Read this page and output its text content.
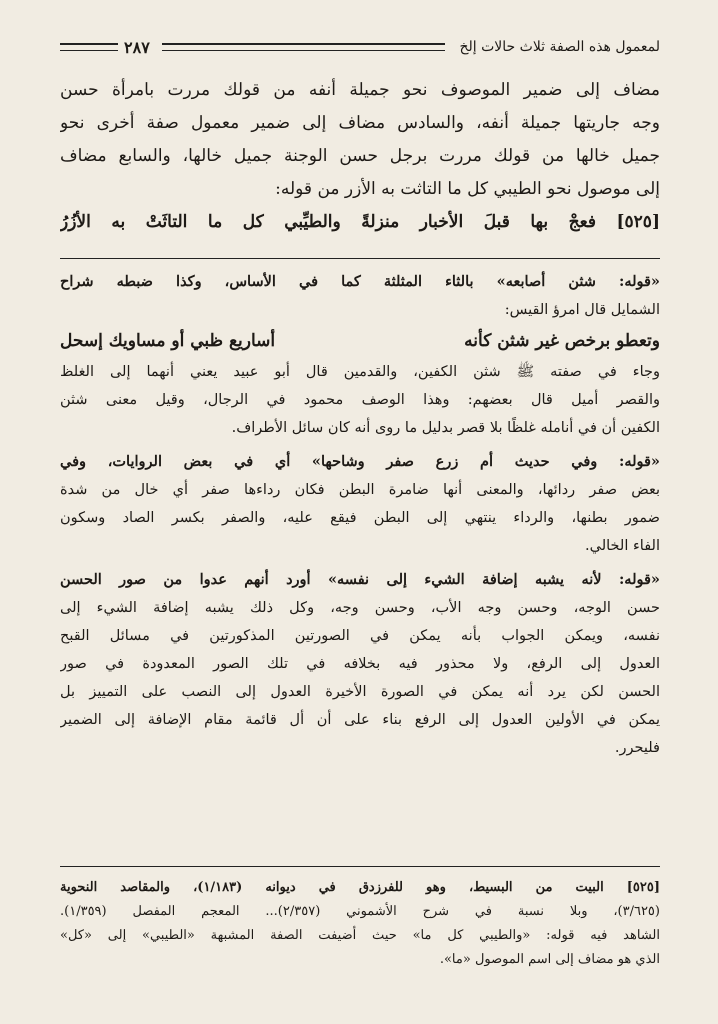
لمعمول هذه الصفة ثلاث حالات إلخ
٢٨٧
مضاف إلى ضمير الموصوف نحو جميلة أنفه من قولك مررت بامرأة حسن
وجه جاريتها جميلة أنفه، والسادس مضاف إلى ضمير معمول صفة أخرى نحو
جميل خالها من قولك مررت برجل حسن الوجنة جميل خالها، والسابع مضاف
إلى موصول نحو الطيبي كل ما التاثت به الأزر من قوله:
[٥٢٥] فعجْ بها قبلَ الأخبار منزلةً والطيِّبي كل ما التاثَتْ به الأزُرُ
«قوله: شثن أصابعه» بالثاء المثلثة كما في الأساس، وكذا ضبطه شراح
الشمايل قال امرؤ القيس:
وتعطو برخص غير شثن كأنه
أساريع ظبي أو مساويك إسحل
وجاء في صفته ﷺ شثن الكفين، والقدمين قال أبو عبيد يعني أنهما إلى الغلظ
والقصر أميل قال بعضهم: وهذا الوصف محمود في الرجال، وقيل معنى شثن
الكفين أن في أنامله غلظًا بلا قصر بدليل ما روى أنه كان سائل الأطراف.
«قوله: وفي حديث أم زرع صفر وشاحها» أي في بعض الروايات، وفي
بعض صفر ردائها، والمعنى أنها ضامرة البطن فكان رداءها صفر أي خال من شدة
ضمور بطنها، والرداء ينتهي إلى البطن فيقع عليه، والصفر بكسر الصاد وسكون
الفاء الخالي.
«قوله: لأنه يشبه إضافة الشيء إلى نفسه» أورد أنهم عدوا من صور الحسن
حسن الوجه، وحسن وجه الأب، وحسن وجه، وكل ذلك يشبه إضافة الشيء إلى
نفسه، ويمكن الجواب بأنه يمكن في الصورتين المذكورتين في مسائل القبح
العدول إلى الرفع، ولا محذور فيه بخلافه في تلك الصور المعدودة في صور
الحسن لكن يرد أنه يمكن في الصورة الأخيرة العدول إلى النصب على التمييز بل
يمكن في الأولين العدول إلى الرفع بناء على أن أل قائمة مقام الإضافة إلى الضمير
فليحرر.
[٥٢٥] البيت من البسيط، وهو للفرزدق في ديوانه (١/١٨٣)، والمقاصد النحوية
(٣/٦٢٥)، وبلا نسبة في شرح الأشموني (٢/٣٥٧)... المعجم المفصل (١/٣٥٩).
الشاهد فيه قوله: «والطيبي كل ما» حيث أضيفت الصفة المشبهة «الطيبي» إلى «كل»
الذي هو مضاف إلى اسم الموصول «ما».
